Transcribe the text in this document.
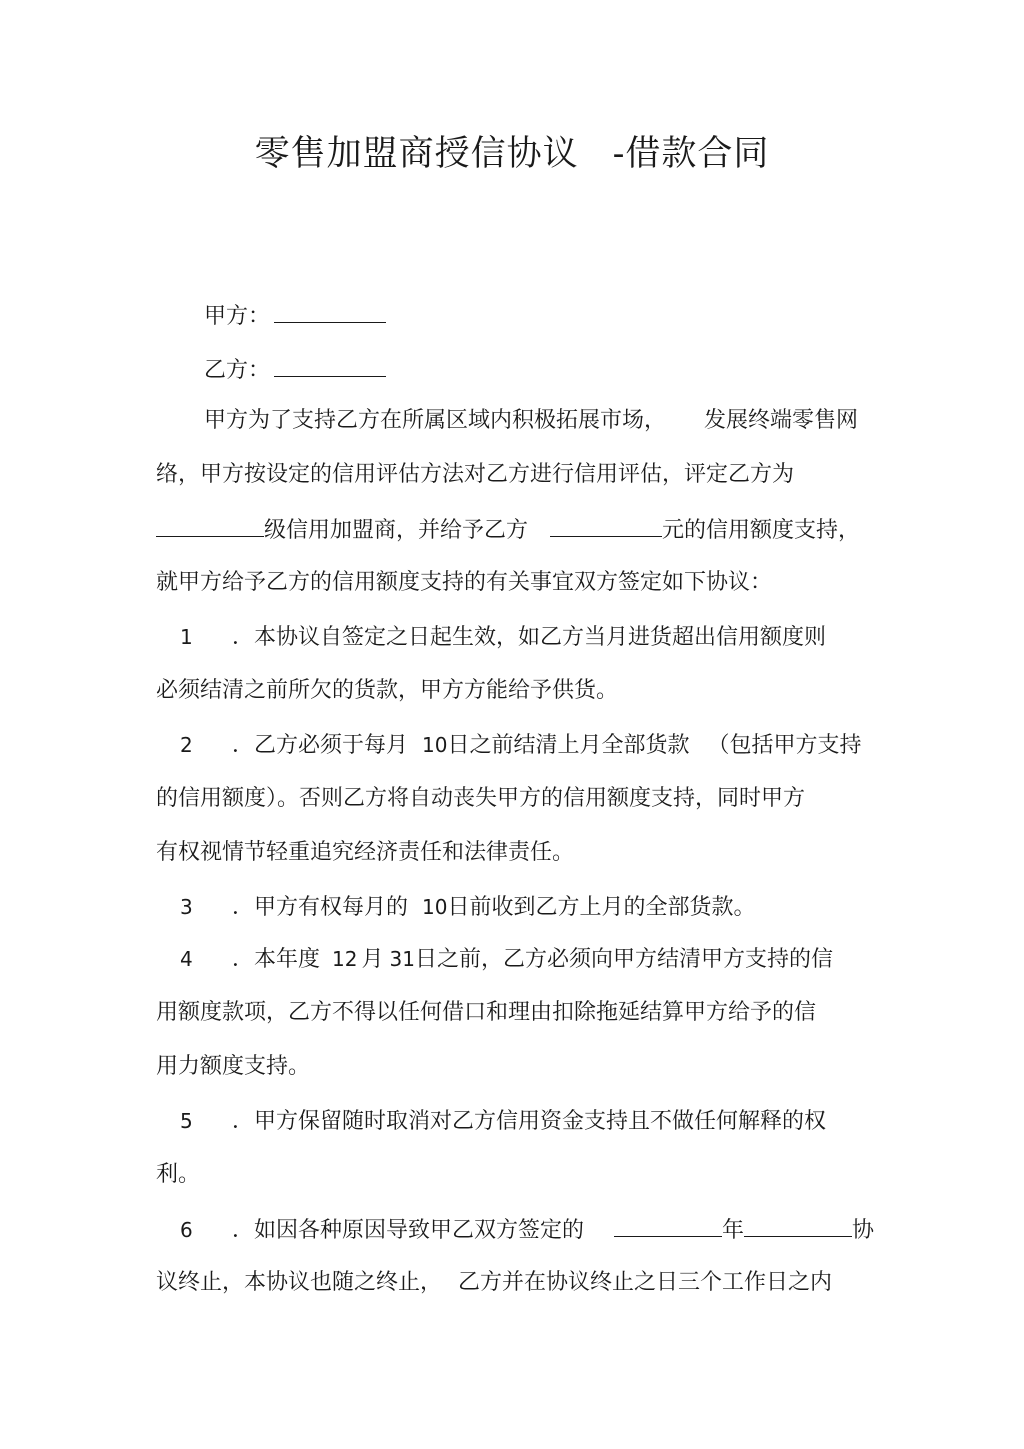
零售加盟商授信协议 -借款合同
甲方：
乙方：
甲方为了支持乙方在所属区域内积极拓展市场， 发展终端零售网
络，甲方按设定的信用评估方法对乙方进行信用评估，评定乙方为
级信用加盟商，并给予乙方	元的信用额度支持，
就甲方给予乙方的信用额度支持的有关事宜双方签定如下协议：
1 ．本协议自签定之日起生效，如乙方当月进货超出信用额度则
必须结清之前所欠的货款，甲方方能给予供货。
2 ．乙方必须于每月 10日之前结清上月全部货款 （包括甲方支持
的信用额度）。否则乙方将自动丧失甲方的信用额度支持，同时甲方
有权视情节轻重追究经济责任和法律责任。
3 ．甲方有权每月的 10日前收到乙方上月的全部货款。
4 ．本年度 12 月 31日之前，乙方必须向甲方结清甲方支持的信
用额度款项，乙方不得以任何借口和理由扣除拖延结算甲方给予的信
用力额度支持。
5 ．甲方保留随时取消对乙方信用资金支持且不做任何解释的权
利。
6 ．如因各种原因导致甲乙双方签定的	年	协
议终止，本协议也随之终止， 乙方并在协议终止之日三个工作日之内
